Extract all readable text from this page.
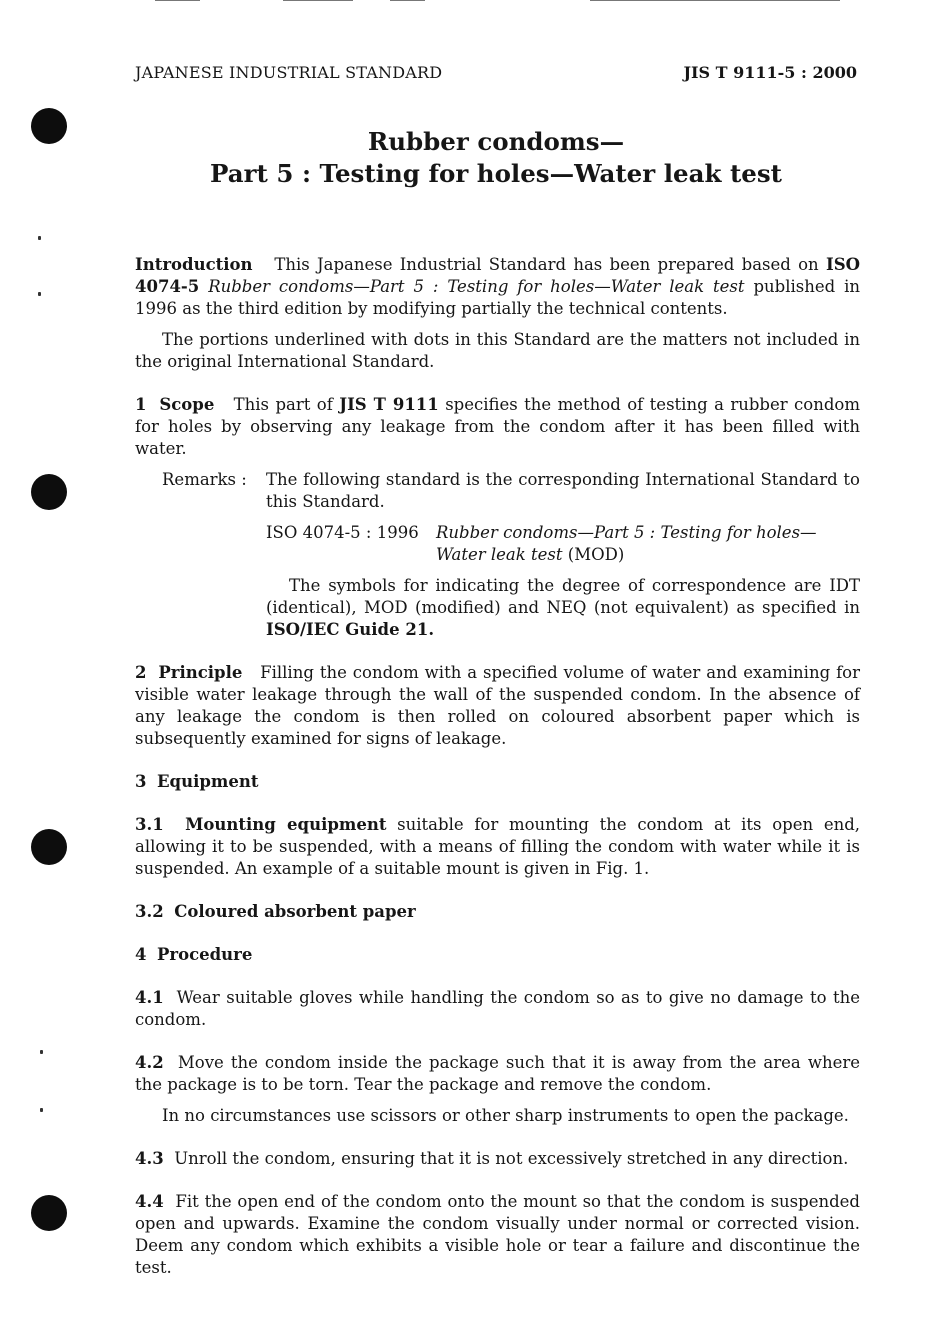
JAPANESE INDUSTRIAL STANDARD	JIS T 9111-5 : 2000
Rubber condoms—
Part 5 : Testing for holes—Water leak test

Introduction This Japanese Industrial Standard has been prepared based on ISO 4074-5 Rubber condoms—Part 5 : Testing for holes—Water leak test published in 1996 as the third edition by modifying partially the technical contents.

The portions underlined with dots in this Standard are the matters not included in the original International Standard.

1 Scope This part of JIS T 9111 specifies the method of testing a rubber condom for holes by observing any leakage from the condom after it has been filled with water.

Remarks :	The following standard is the corresponding International Standard to this Standard.
ISO 4074-5 : 1996	Rubber condoms—Part 5 : Testing for holes—Water leak test (MOD)

The symbols for indicating the degree of correspondence are IDT (identical), MOD (modified) and NEQ (not equivalent) as specified in ISO/IEC Guide 21.

2 Principle Filling the condom with a specified volume of water and examining for visible water leakage through the wall of the suspended condom. In the absence of any leakage the condom is then rolled on coloured absorbent paper which is subsequently examined for signs of leakage.

3 Equipment

3.1 Mounting equipment suitable for mounting the condom at its open end, allowing it to be suspended, with a means of filling the condom with water while it is suspended. An example of a suitable mount is given in Fig. 1.

3.2 Coloured absorbent paper

4 Procedure

4.1 Wear suitable gloves while handling the condom so as to give no damage to the condom.

4.2 Move the condom inside the package such that it is away from the area where the package is to be torn. Tear the package and remove the condom.

In no circumstances use scissors or other sharp instruments to open the package.

4.3 Unroll the condom, ensuring that it is not excessively stretched in any direction.

4.4 Fit the open end of the condom onto the mount so that the condom is suspended open and upwards. Examine the condom visually under normal or corrected vision. Deem any condom which exhibits a visible hole or tear a failure and discontinue the test.
